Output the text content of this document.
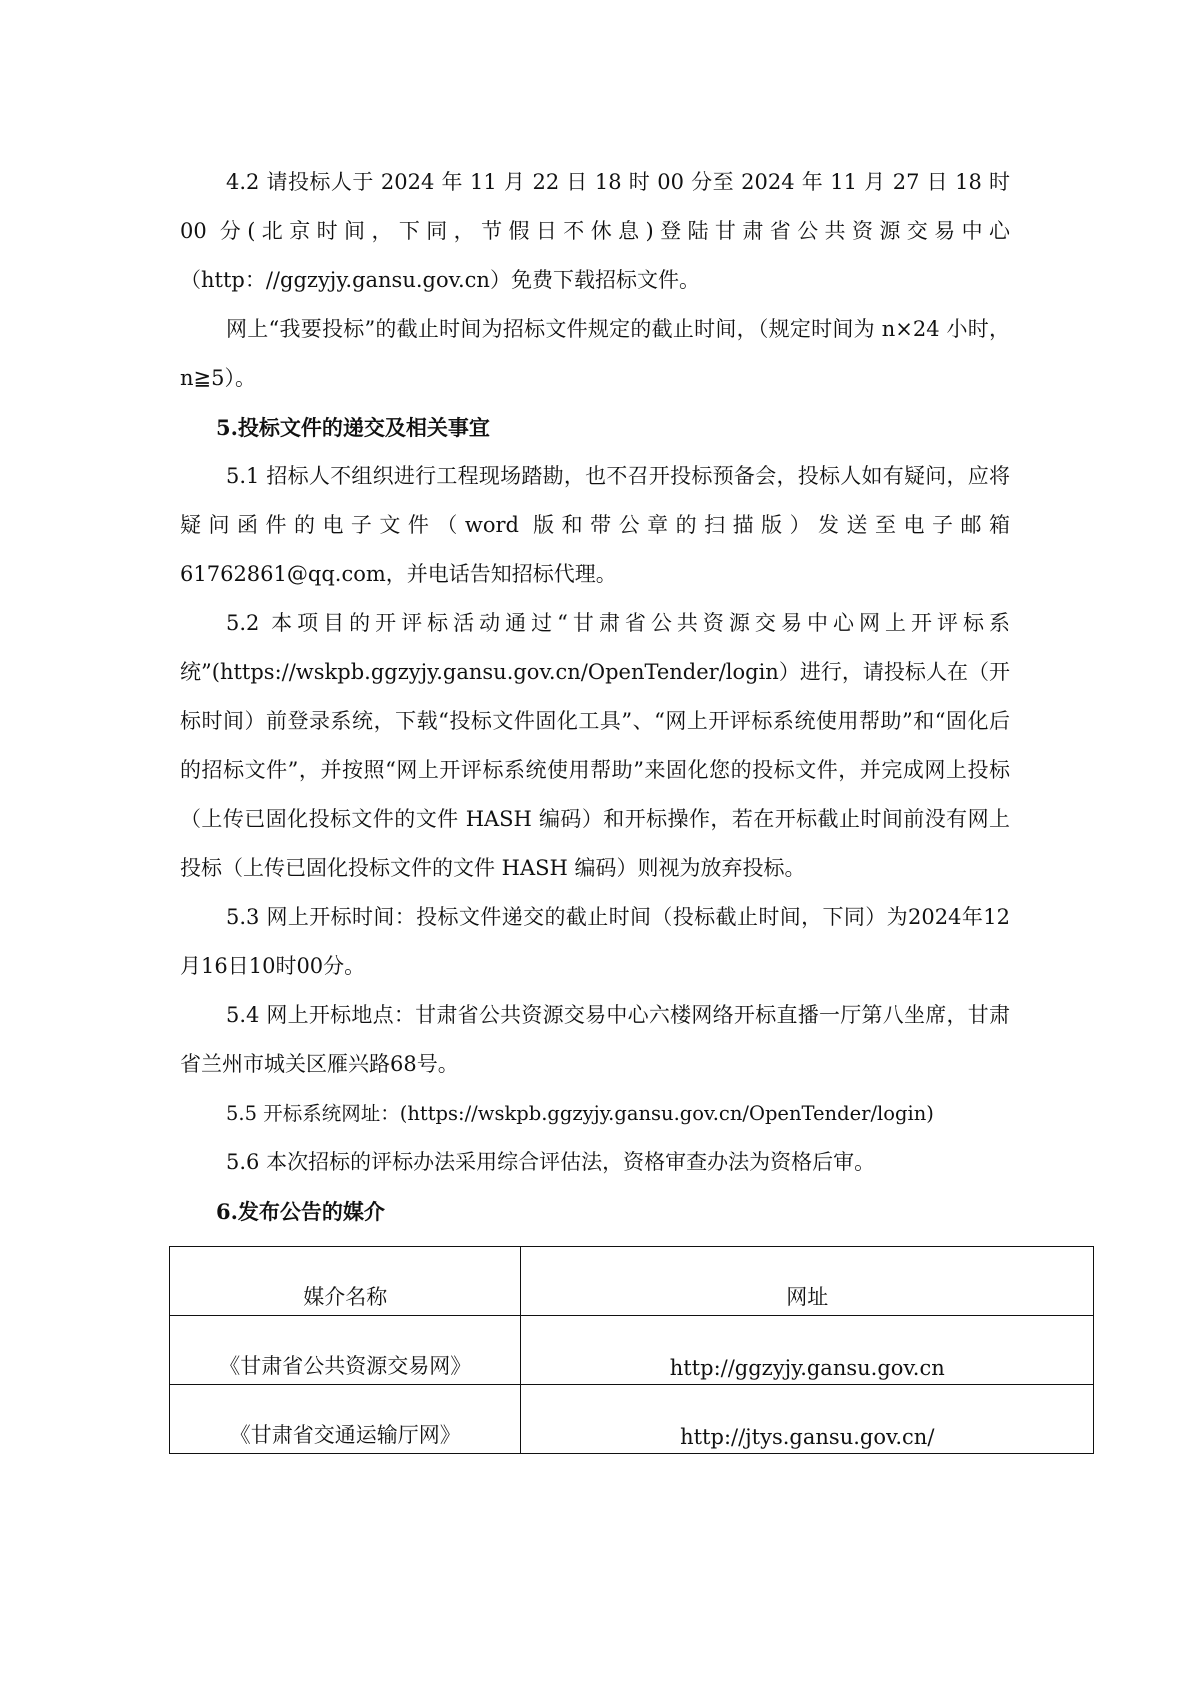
4.2 请投标人于 2024 年 11 月 22 日 18 时 00 分至 2024 年 11 月 27 日 18 时 00 分(北京时间，下同，节假日不休息)登陆甘肃省公共资源交易中心（http：//ggzyjy.gansu.gov.cn）免费下载招标文件。

网上“我要投标”的截止时间为招标文件规定的截止时间，（规定时间为 n×24 小时，n≧5）。

5.投标文件的递交及相关事宜

5.1 招标人不组织进行工程现场踏勘，也不召开投标预备会，投标人如有疑问，应将疑问函件的电子文件（word 版和带公章的扫描版）发送至电子邮箱 61762861@qq.com，并电话告知招标代理。

5.2 本项目的开评标活动通过“甘肃省公共资源交易中心网上开评标系统”(https://wskpb.ggzyjy.gansu.gov.cn/OpenTender/login）进行，请投标人在（开标时间）前登录系统，下载“投标文件固化工具”、“网上开评标系统使用帮助”和“固化后的招标文件”，并按照“网上开评标系统使用帮助”来固化您的投标文件，并完成网上投标（上传已固化投标文件的文件 HASH 编码）和开标操作，若在开标截止时间前没有网上投标（上传已固化投标文件的文件 HASH 编码）则视为放弃投标。

5.3 网上开标时间：投标文件递交的截止时间（投标截止时间，下同）为2024年12月16日10时00分。

5.4 网上开标地点：甘肃省公共资源交易中心六楼网络开标直播一厅第八坐席，甘肃省兰州市城关区雁兴路68号。

5.5 开标系统网址：(https://wskpb.ggzyjy.gansu.gov.cn/OpenTender/login)

5.6 本次招标的评标办法采用综合评估法，资格审查办法为资格后审。

6.发布公告的媒介

媒介名称	网址
《甘肃省公共资源交易网》	http://ggzyjy.gansu.gov.cn
《甘肃省交通运输厅网》	http://jtys.gansu.gov.cn/
